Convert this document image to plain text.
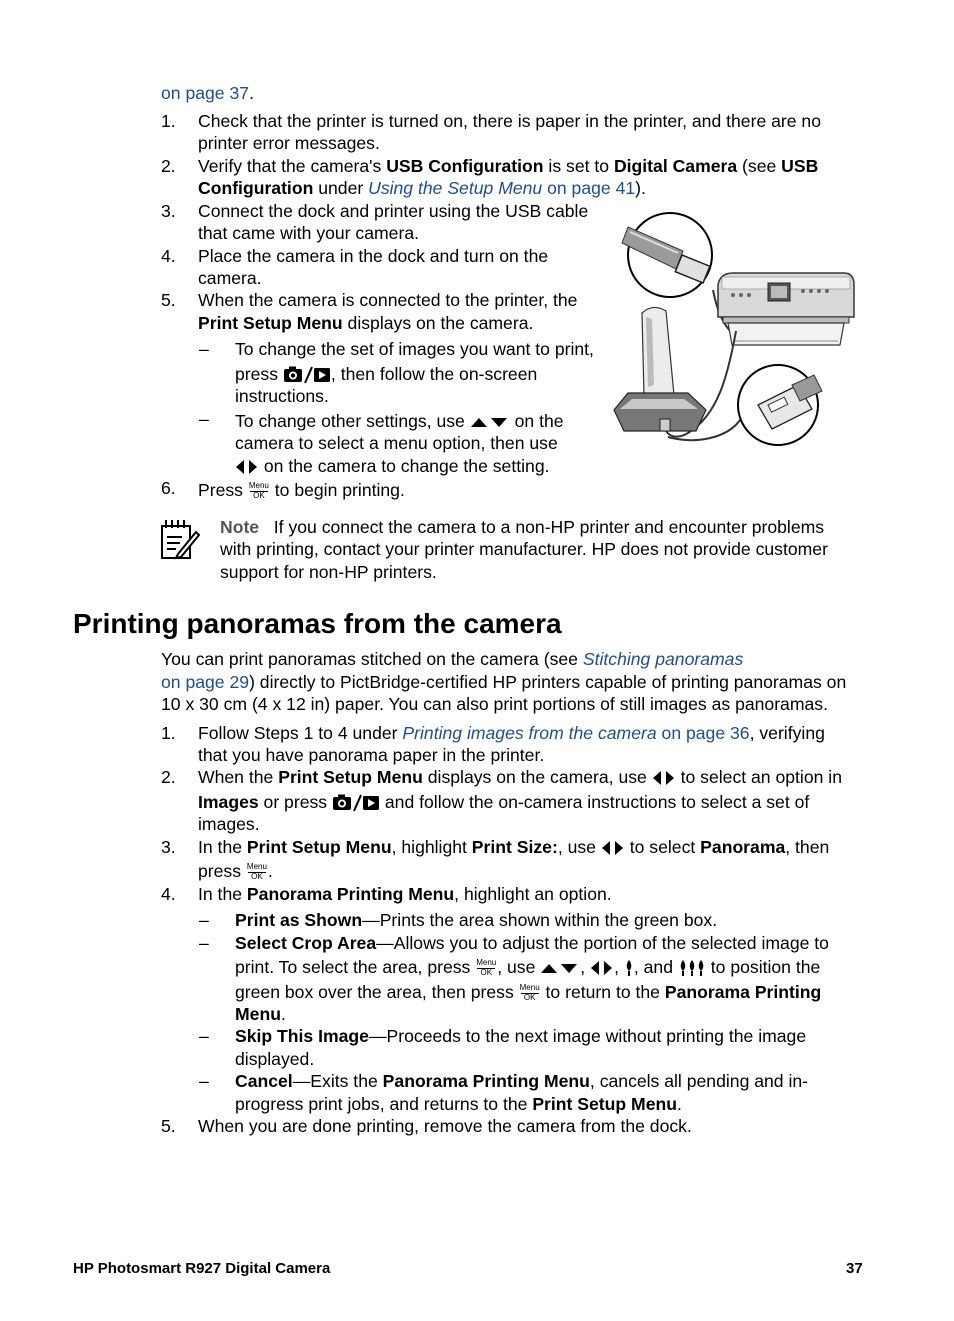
on page 37.
1.	Check that the printer is turned on, there is paper in the printer, and there are no
printer error messages.
2.	Verify that the camera's USB Configuration is set to Digital Camera (see USB
Configuration under Using the Setup Menu on page 41).
3.	Connect the dock and printer using the USB cable
that came with your camera.
4.	Place the camera in the dock and turn on the
camera.
5.	When the camera is connected to the printer, the
Print Setup Menu displays on the camera.
– To change the set of images you want to print,
press	, then follow the on-screen
instructions.
– To change other settings, use  on the
camera to select a menu option, then use
on the camera to change the setting.
6.	Press Menu
OK to begin printing.
Note If you connect the camera to a non-HP printer and encounter problems
with printing, contact your printer manufacturer. HP does not provide customer
support for non-HP printers.
Printing panoramas from the camera
You can print panoramas stitched on the camera (see Stitching panoramas
on page 29) directly to PictBridge-certified HP printers capable of printing panoramas on
10 x 30 cm (4 x 12 in) paper. You can also print portions of still images as panoramas.
1.	Follow Steps 1 to 4 under Printing images from the camera on page 36, verifying
that you have panorama paper in the printer.
2.	When the Print Setup Menu displays on the camera, use  to select an option in
Images or press	and follow the on-camera instructions to select a set of
images.
3.	In the Print Setup Menu, highlight Print Size:, use  to select Panorama, then
press Menu
OK .
4.	In the Panorama Printing Menu, highlight an option.
– Print as Shown—Prints the area shown within the green box.
– Select Crop Area—Allows you to adjust the portion of the selected image to
print. To select the area, press Menu
OK , use , , , and  to position the
green box over the area, then press Menu
OK to return to the Panorama Printing
Menu.
– Skip This Image—Proceeds to the next image without printing the image
displayed.
– Cancel—Exits the Panorama Printing Menu, cancels all pending and in-
progress print jobs, and returns to the Print Setup Menu.
5.	When you are done printing, remove the camera from the dock.
HP Photosmart R927 Digital Camera	37
